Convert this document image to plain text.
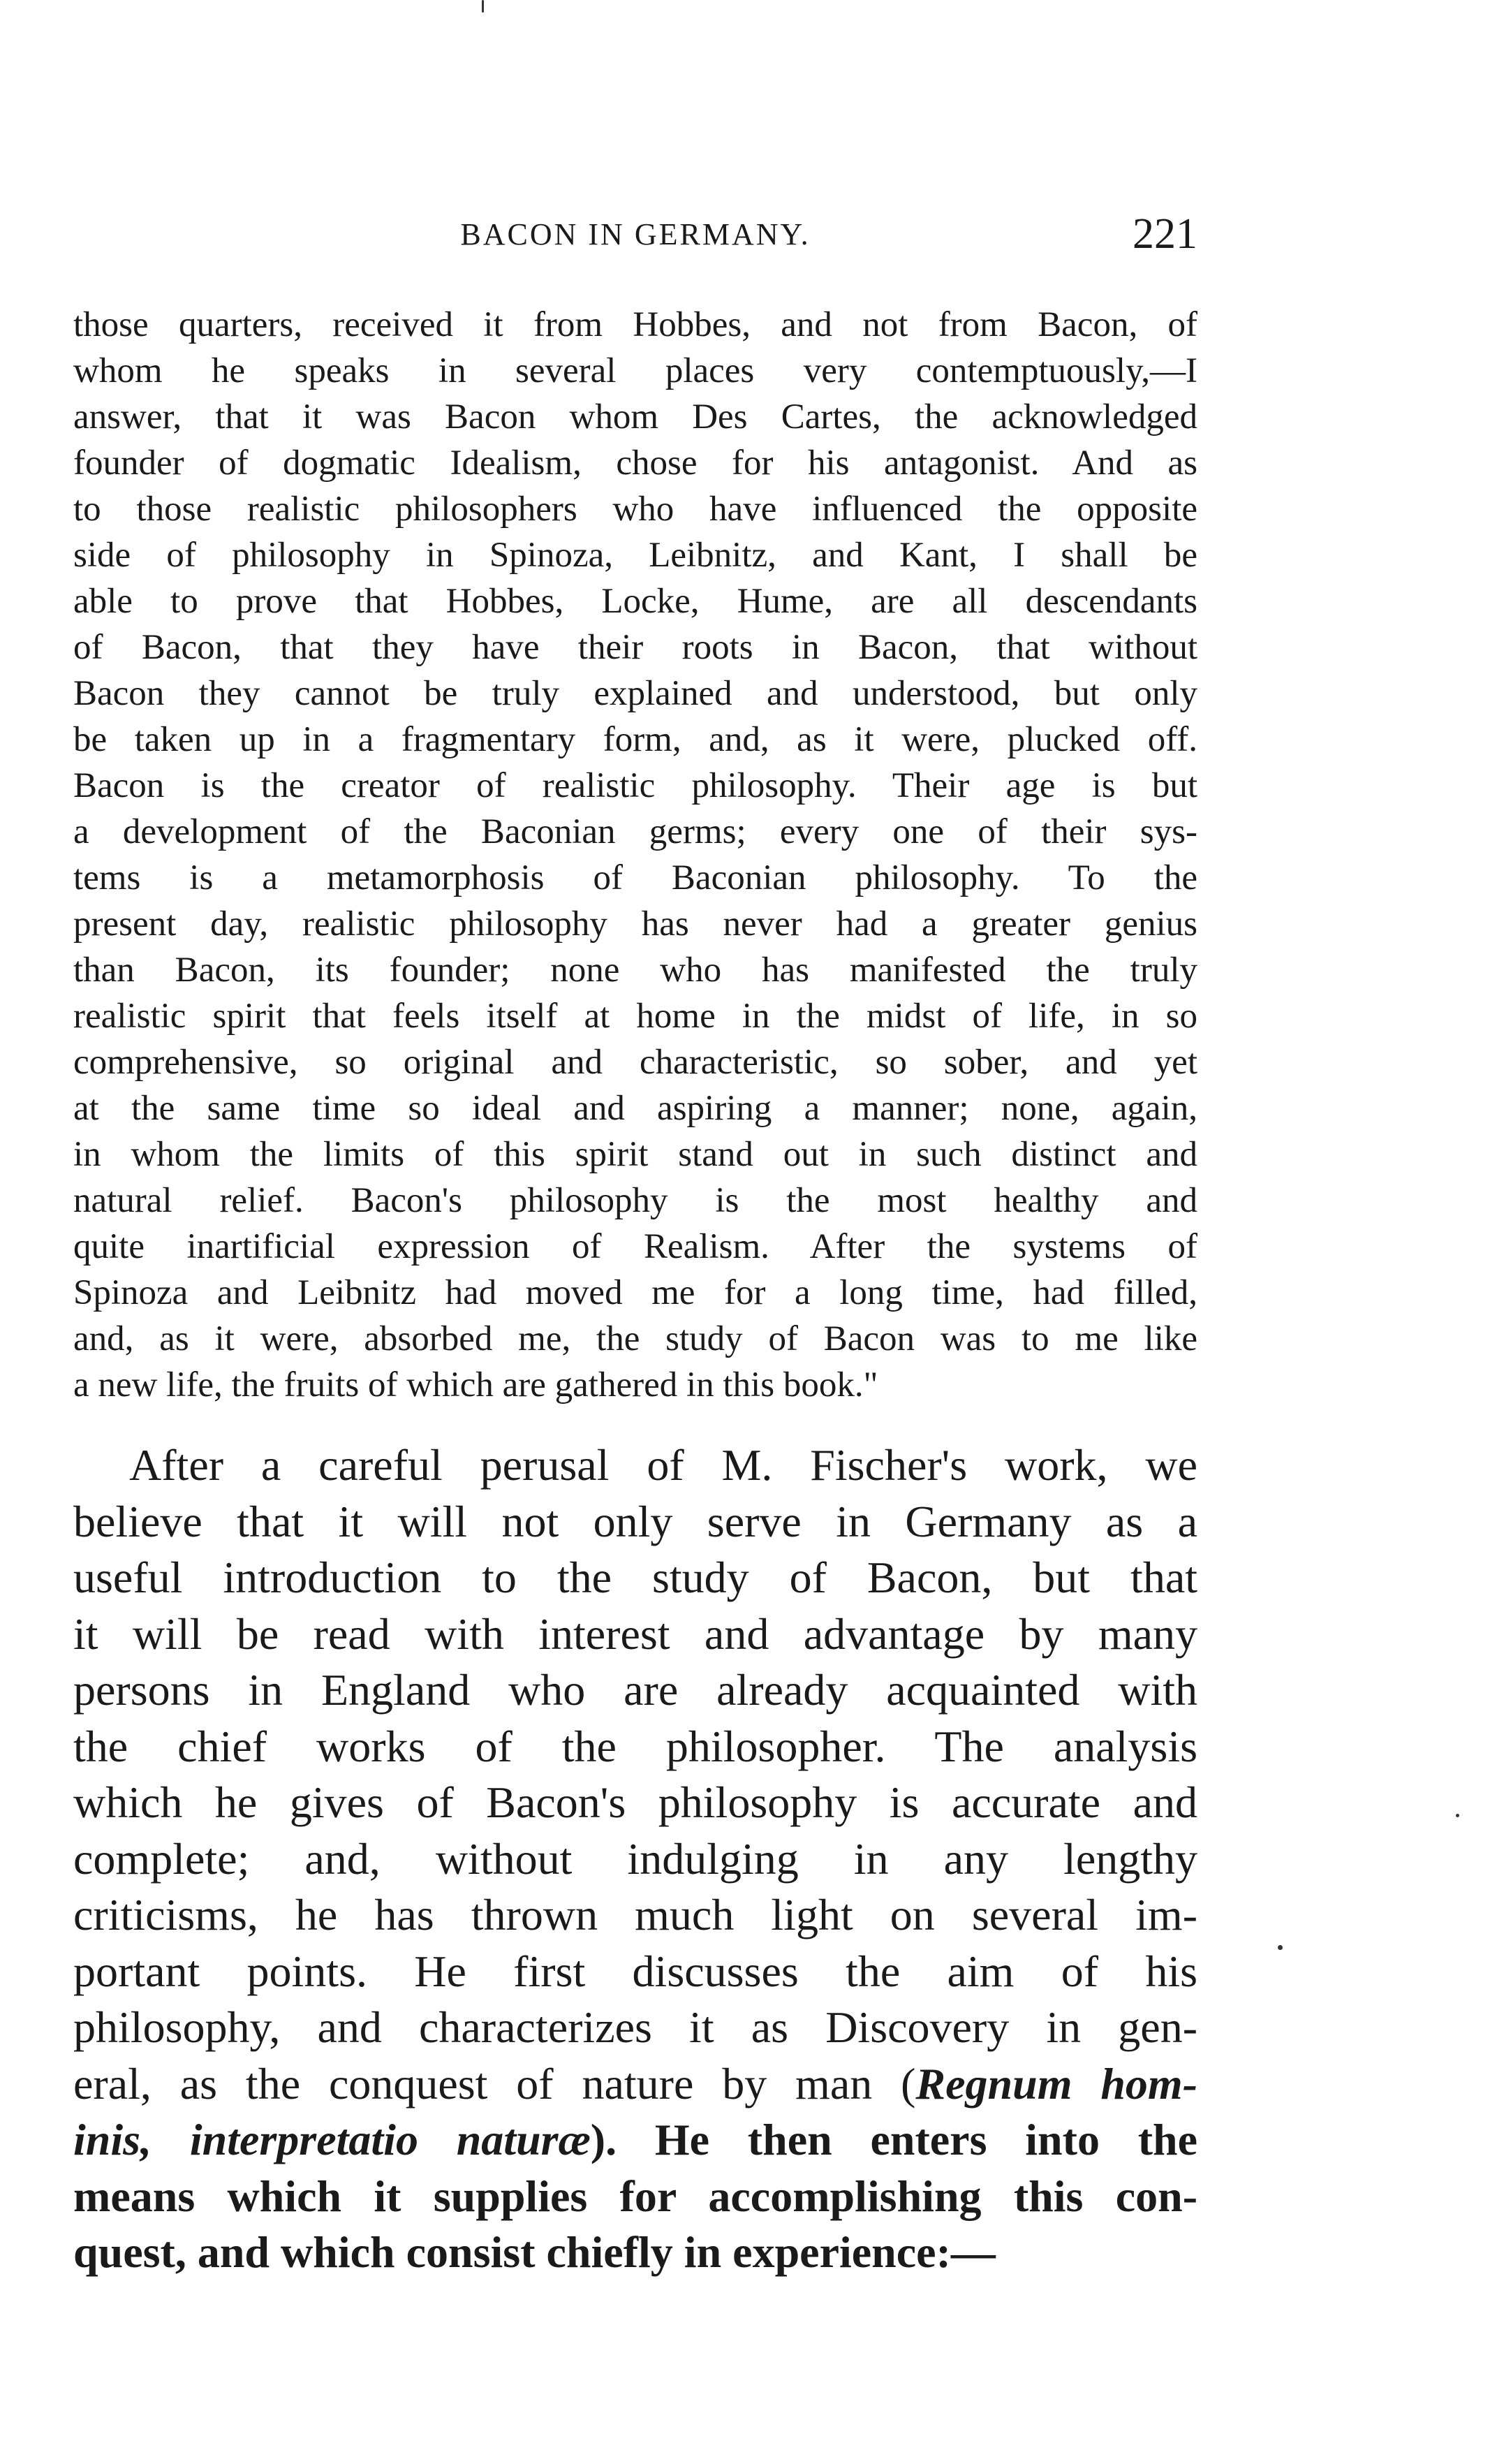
BACON IN GERMANY.	221
those quarters, received it from Hobbes, and not from Bacon, of
whom he speaks in several places very contemptuously,—I
answer, that it was Bacon whom Des Cartes, the acknowledged
founder of dogmatic Idealism, chose for his antagonist. And as
to those realistic philosophers who have influenced the opposite
side of philosophy in Spinoza, Leibnitz, and Kant, I shall be
able to prove that Hobbes, Locke, Hume, are all descendants
of Bacon, that they have their roots in Bacon, that without
Bacon they cannot be truly explained and understood, but only
be taken up in a fragmentary form, and, as it were, plucked off.
Bacon is the creator of realistic philosophy. Their age is but
a development of the Baconian germs; every one of their sys-
tems is a metamorphosis of Baconian philosophy. To the
present day, realistic philosophy has never had a greater genius
than Bacon, its founder; none who has manifested the truly
realistic spirit that feels itself at home in the midst of life, in so
comprehensive, so original and characteristic, so sober, and yet
at the same time so ideal and aspiring a manner; none, again,
in whom the limits of this spirit stand out in such distinct and
natural relief. Bacon's philosophy is the most healthy and
quite inartificial expression of Realism. After the systems of
Spinoza and Leibnitz had moved me for a long time, had filled,
and, as it were, absorbed me, the study of Bacon was to me like
a new life, the fruits of which are gathered in this book."
After a careful perusal of M. Fischer's work, we
believe that it will not only serve in Germany as a
useful introduction to the study of Bacon, but that
it will be read with interest and advantage by many
persons in England who are already acquainted with
the chief works of the philosopher. The analysis
which he gives of Bacon's philosophy is accurate and
complete; and, without indulging in any lengthy
criticisms, he has thrown much light on several im-
portant points. He first discusses the aim of his
philosophy, and characterizes it as Discovery in gen-
eral, as the conquest of nature by man (Regnum hom-
inis, interpretatio naturæ). He then enters into the
means which it supplies for accomplishing this con-
quest, and which consist chiefly in experience:—
